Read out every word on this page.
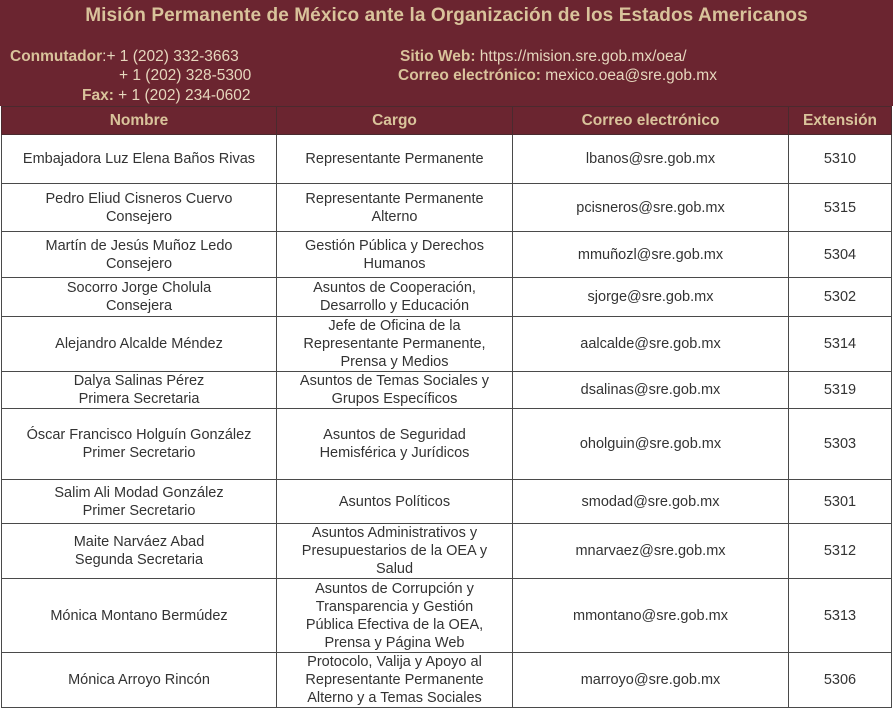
Misión Permanente de México ante la Organización de los Estados Americanos
Conmutador:+ 1 (202) 332-3663
+ 1 (202) 328-5300
Fax: + 1 (202) 234-0602
Sitio Web: https://mision.sre.gob.mx/oea/
Correo electrónico: mexico.oea@sre.gob.mx
Nombre	Cargo	Correo electrónico	Extensión

Embajadora Luz Elena Baños Rivas	Representante Permanente	lbanos@sre.gob.mx	5310

Pedro Eliud Cisneros Cuervo
Consejero	Representante Permanente
Alterno	pcisneros@sre.gob.mx	5315

Martín de Jesús Muñoz Ledo
Consejero	Gestión Pública y Derechos
Humanos	mmuñozl@sre.gob.mx	5304

Socorro Jorge Cholula
Consejera	Asuntos de Cooperación,
Desarrollo y Educación	sjorge@sre.gob.mx	5302

Alejandro Alcalde Méndez	Jefe de Oficina de la
Representante Permanente,
Prensa y Medios	aalcalde@sre.gob.mx	5314

Dalya Salinas Pérez
Primera Secretaria	Asuntos de Temas Sociales y
Grupos Específicos	dsalinas@sre.gob.mx	5319

Óscar Francisco Holguín González
Primer Secretario	Asuntos de Seguridad
Hemisférica y Jurídicos	oholguin@sre.gob.mx	5303

Salim Ali Modad González
Primer Secretario	Asuntos Políticos	smodad@sre.gob.mx	5301

Maite Narváez Abad
Segunda Secretaria	Asuntos Administrativos y
Presupuestarios de la OEA y
Salud	mnarvaez@sre.gob.mx	5312

Mónica Montano Bermúdez	Asuntos de Corrupción y
Transparencia y Gestión
Pública Efectiva de la OEA,
Prensa y Página Web	mmontano@sre.gob.mx	5313

Mónica Arroyo Rincón	Protocolo, Valija y Apoyo al
Representante Permanente
Alterno y a Temas Sociales	marroyo@sre.gob.mx	5306
